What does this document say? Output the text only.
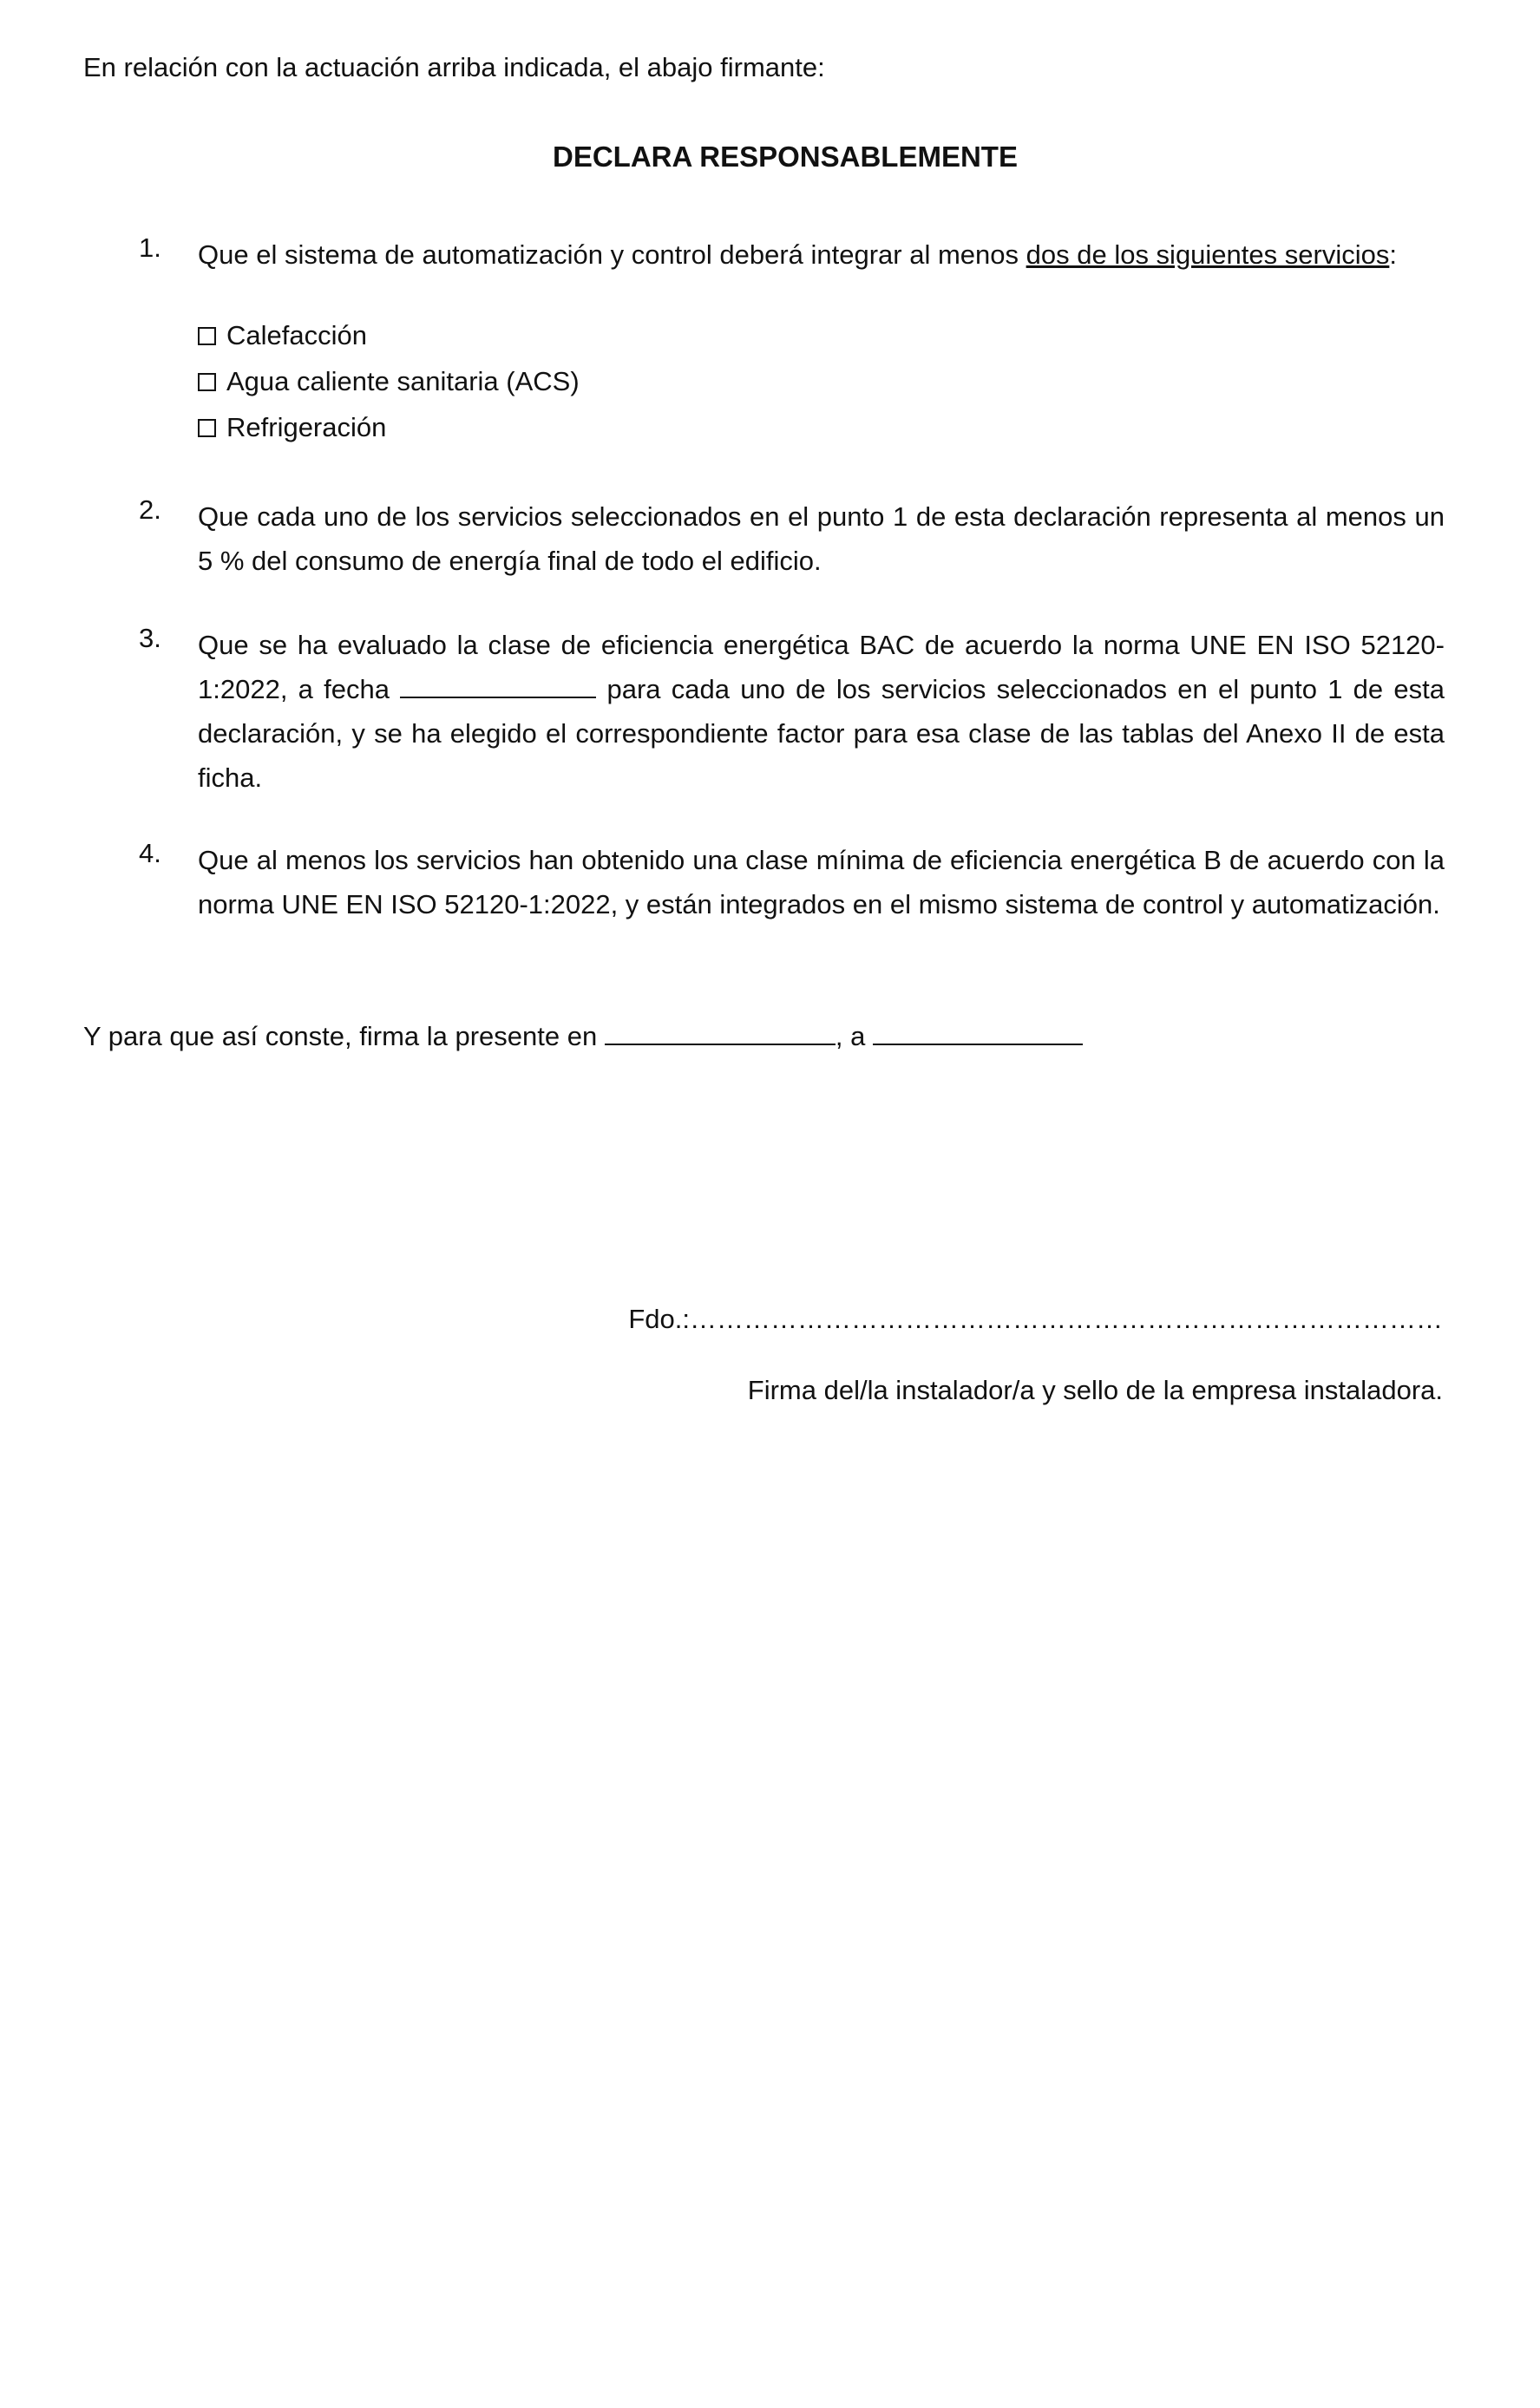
En relación con la actuación arriba indicada, el abajo firmante:
DECLARA RESPONSABLEMENTE
1. Que el sistema de automatización y control deberá integrar al menos dos de los siguientes servicios:
Calefacción
Agua caliente sanitaria (ACS)
Refrigeración
2. Que cada uno de los servicios seleccionados en el punto 1 de esta declaración representa al menos un 5 % del consumo de energía final de todo el edificio.
3. Que se ha evaluado la clase de eficiencia energética BAC de acuerdo la norma UNE EN ISO 52120-1:2022, a fecha	para cada uno de los servicios seleccionados en el punto 1 de esta declaración, y se ha elegido el correspondiente factor para esa clase de las tablas del Anexo II de esta ficha.
4. Que al menos los servicios han obtenido una clase mínima de eficiencia energética B de acuerdo con la norma UNE EN ISO 52120-1:2022, y están integrados en el mismo sistema de control y automatización.
Y para que así conste, firma la presente en	, a
Fdo.:…………………………………………………………………………
Firma del/la instalador/a y sello de la empresa instaladora.
